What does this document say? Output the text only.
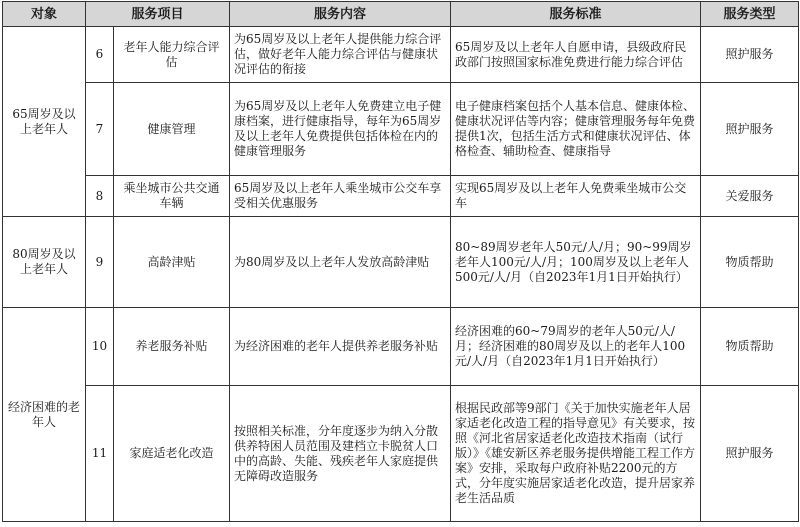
对象	服务项目		服务内容	服务标准	服务类型
65周岁及以上老年人	6	老年人能力综合评估	为65周岁及以上老年人提供能力综合评估，做好老年人能力综合评估与健康状况评估的衔接	65周岁及以上老年人自愿申请，县级政府民政部门按照国家标准免费进行能力综合评估	照护服务
	7	健康管理	为65周岁及以上老年人免费建立电子健康档案，进行健康指导，每年为65周岁及以上老年人免费提供包括体检在内的健康管理服务	电子健康档案包括个人基本信息、健康体检、健康状况评估等内容；健康管理服务每年免费提供1次，包括生活方式和健康状况评估、体格检查、辅助检查、健康指导	照护服务
	8	乘坐城市公共交通车辆	65周岁及以上老年人乘坐城市公交车享受相关优惠服务	实现65周岁及以上老年人免费乘坐城市公交车	关爱服务
80周岁及以上老年人	9	高龄津贴	为80周岁及以上老年人发放高龄津贴	80~89周岁老年人50元/人/月；90~99周岁老年人100元/人/月；100周岁及以上老年人500元/人/月（自2023年1月1日开始执行）	物质帮助
经济困难的老年人	10	养老服务补贴	为经济困难的老年人提供养老服务补贴	经济困难的60~79周岁的老年人50元/人/月；经济困难的80周岁及以上的老年人100元/人/月（自2023年1月1日开始执行）	物质帮助
	11	家庭适老化改造	按照相关标准，分年度逐步为纳入分散供养特困人员范围及建档立卡脱贫人口中的高龄、失能、残疾老年人家庭提供无障碍改造服务	根据民政部等9部门《关于加快实施老年人居家适老化改造工程的指导意见》有关要求，按照《河北省居家适老化改造技术指南（试行版）》《雄安新区养老服务提供增能工程工作方案》安排，采取每户政府补贴2200元的方式，分年度实施居家适老化改造，提升居家养老生活品质	照护服务
